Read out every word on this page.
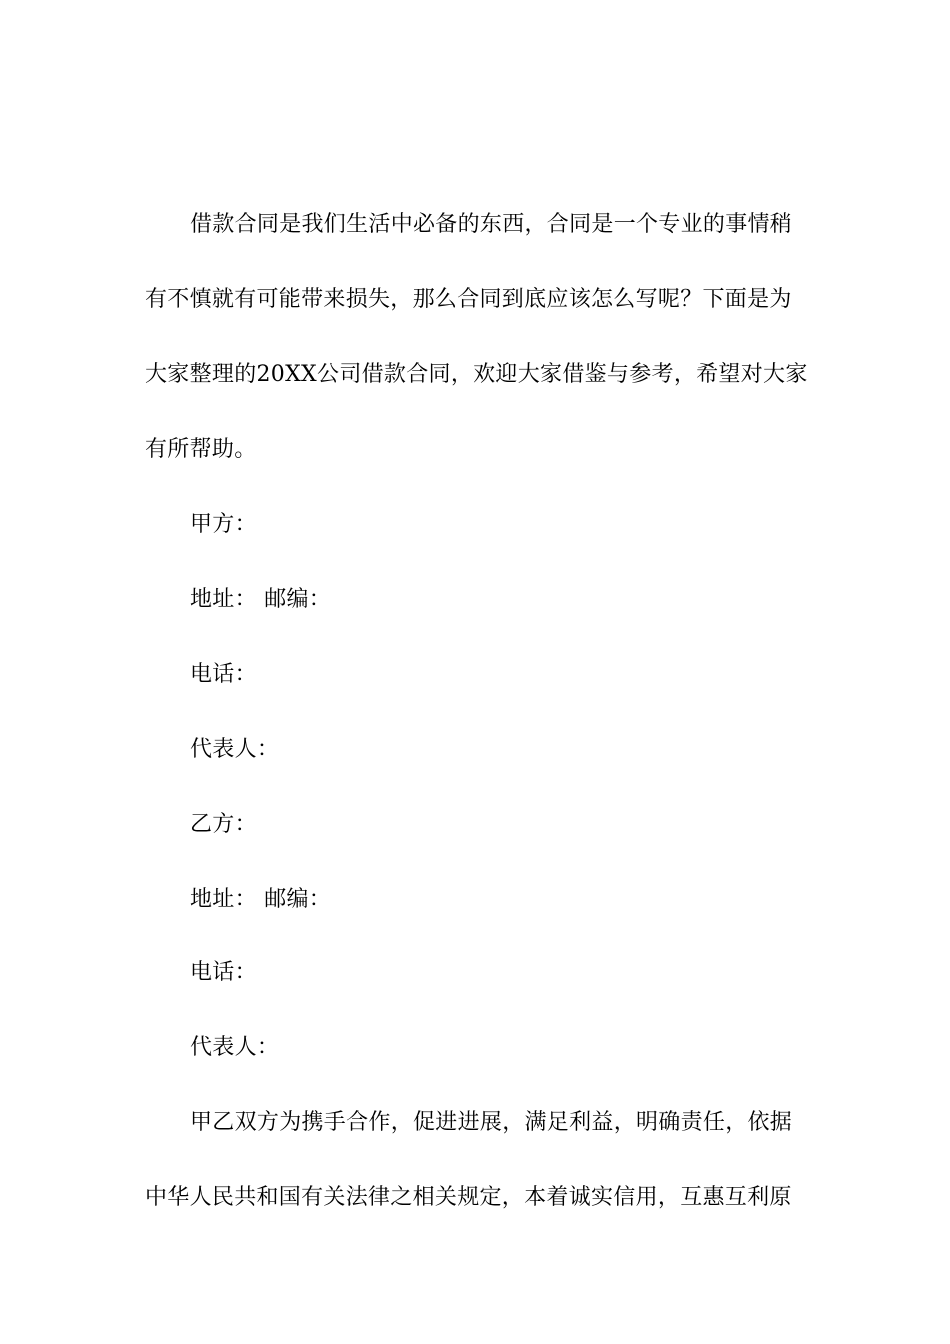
借款合同是我们生活中必备的东西，合同是一个专业的事情稍
有不慎就有可能带来损失，那么合同到底应该怎么写呢？下面是为
大家整理的20XX公司借款合同，欢迎大家借鉴与参考，希望对大家
有所帮助。
甲方：
地址： 邮编：
电话：
代表人：
乙方：
地址： 邮编：
电话：
代表人：
甲乙双方为携手合作，促进进展，满足利益，明确责任，依据
中华人民共和国有关法律之相关规定，本着诚实信用，互惠互利原
